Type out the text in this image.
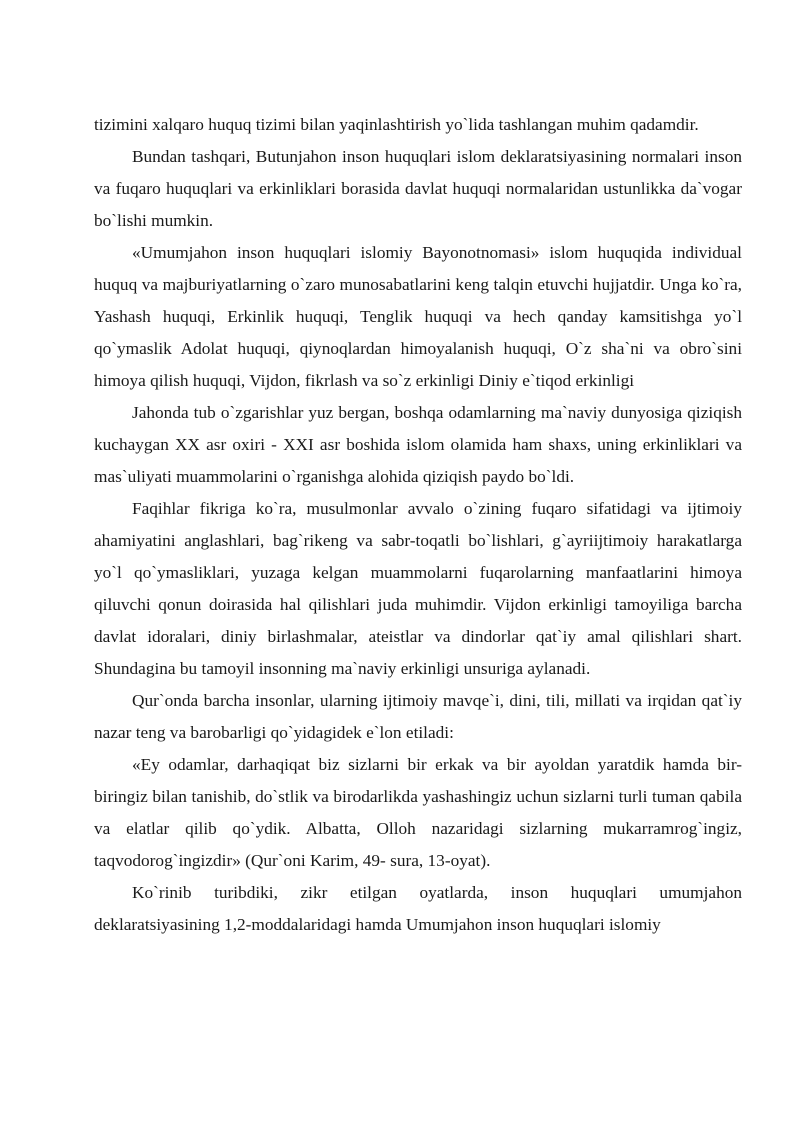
tizimini xalqaro huquq tizimi bilan yaqinlashtirish yo`lida tashlangan muhim qadamdir.

Bundan tashqari, Butunjahon inson huquqlari islom deklaratsiyasining normalari inson va fuqaro huquqlari va erkinliklari borasida davlat huquqi normalaridan ustunlikka da`vogar bo`lishi mumkin.

«Umumjahon inson huquqlari islomiy Bayonotnomasi» islom huquqida individual huquq va majburiyatlarning o`zaro munosabatlarini keng talqin etuvchi hujjatdir. Unga ko`ra, Yashash huquqi, Erkinlik huquqi, Tenglik huquqi va hech qanday kamsitishga yo`l qo`ymaslik Adolat huquqi, qiynoqlardan himoyalanish huquqi, O`z sha`ni va obro`sini himoya qilish huquqi, Vijdon, fikrlash va so`z erkinligi Diniy e`tiqod erkinligi

Jahonda tub o`zgarishlar yuz bergan, boshqa odamlarning ma`naviy dunyosiga qiziqish kuchaygan XX asr oxiri - XXI asr boshida islom olamida ham shaxs, uning erkinliklari va mas`uliyati muammolarini o`rganishga alohida qiziqish paydo bo`ldi.

Faqihlar fikriga ko`ra, musulmonlar avvalo o`zining fuqaro sifatidagi va ijtimoiy ahamiyatini anglashlari, bag`rikeng va sabr-toqatli bo`lishlari, g`ayriijtimoiy harakatlarga yo`l qo`ymasliklari, yuzaga kelgan muammolarni fuqarolarning manfaatlarini himoya qiluvchi qonun doirasida hal qilishlari juda muhimdir. Vijdon erkinligi tamoyiliga barcha davlat idoralari, diniy birlashmalar, ateistlar va dindorlar qat`iy amal qilishlari shart. Shundagina bu tamoyil insonning ma`naviy erkinligi unsuriga aylanadi.

Qur`onda barcha insonlar, ularning ijtimoiy mavqe`i, dini, tili, millati va irqidan qat`iy nazar teng va barobarligi qo`yidagidek e`lon etiladi:

«Ey odamlar, darhaqiqat biz sizlarni bir erkak va bir ayoldan yaratdik hamda bir-biringiz bilan tanishib, do`stlik va birodarlikda yashashingiz uchun sizlarni turli tuman qabila va elatlar qilib qo`ydik. Albatta, Olloh nazaridagi sizlarning mukarramrog`ingiz, taqvodorog`ingizdir» (Qur`oni Karim, 49- sura, 13-oyat).

Ko`rinib turibdiki, zikr etilgan oyatlarda, inson huquqlari umumjahon deklaratsiyasining 1,2-moddalaridagi hamda Umumjahon inson huquqlari islomiy
